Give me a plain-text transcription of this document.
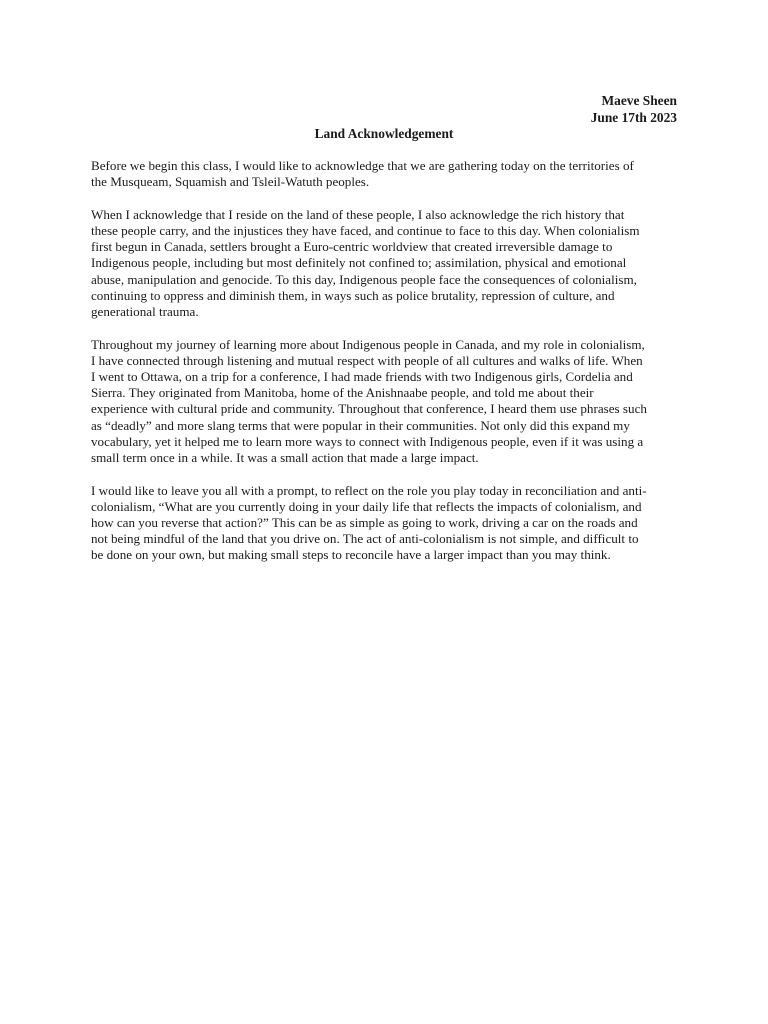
Maeve Sheen
June 17th 2023
Land Acknowledgement

Before we begin this class, I would like to acknowledge that we are gathering today on the territories of
the Musqueam, Squamish and Tsleil-Watuth peoples.

When I acknowledge that I reside on the land of these people, I also acknowledge the rich history that
these people carry, and the injustices they have faced, and continue to face to this day. When colonialism
first begun in Canada, settlers brought a Euro-centric worldview that created irreversible damage to
Indigenous people, including but most definitely not confined to; assimilation, physical and emotional
abuse, manipulation and genocide. To this day, Indigenous people face the consequences of colonialism,
continuing to oppress and diminish them, in ways such as police brutality, repression of culture, and
generational trauma.

Throughout my journey of learning more about Indigenous people in Canada, and my role in colonialism,
I have connected through listening and mutual respect with people of all cultures and walks of life. When
I went to Ottawa, on a trip for a conference, I had made friends with two Indigenous girls, Cordelia and
Sierra. They originated from Manitoba, home of the Anishnaabe people, and told me about their
experience with cultural pride and community. Throughout that conference, I heard them use phrases such
as “deadly” and more slang terms that were popular in their communities. Not only did this expand my
vocabulary, yet it helped me to learn more ways to connect with Indigenous people, even if it was using a
small term once in a while. It was a small action that made a large impact.

I would like to leave you all with a prompt, to reflect on the role you play today in reconciliation and anti-
colonialism, “What are you currently doing in your daily life that reflects the impacts of colonialism, and
how can you reverse that action?” This can be as simple as going to work, driving a car on the roads and
not being mindful of the land that you drive on. The act of anti-colonialism is not simple, and difficult to
be done on your own, but making small steps to reconcile have a larger impact than you may think.
